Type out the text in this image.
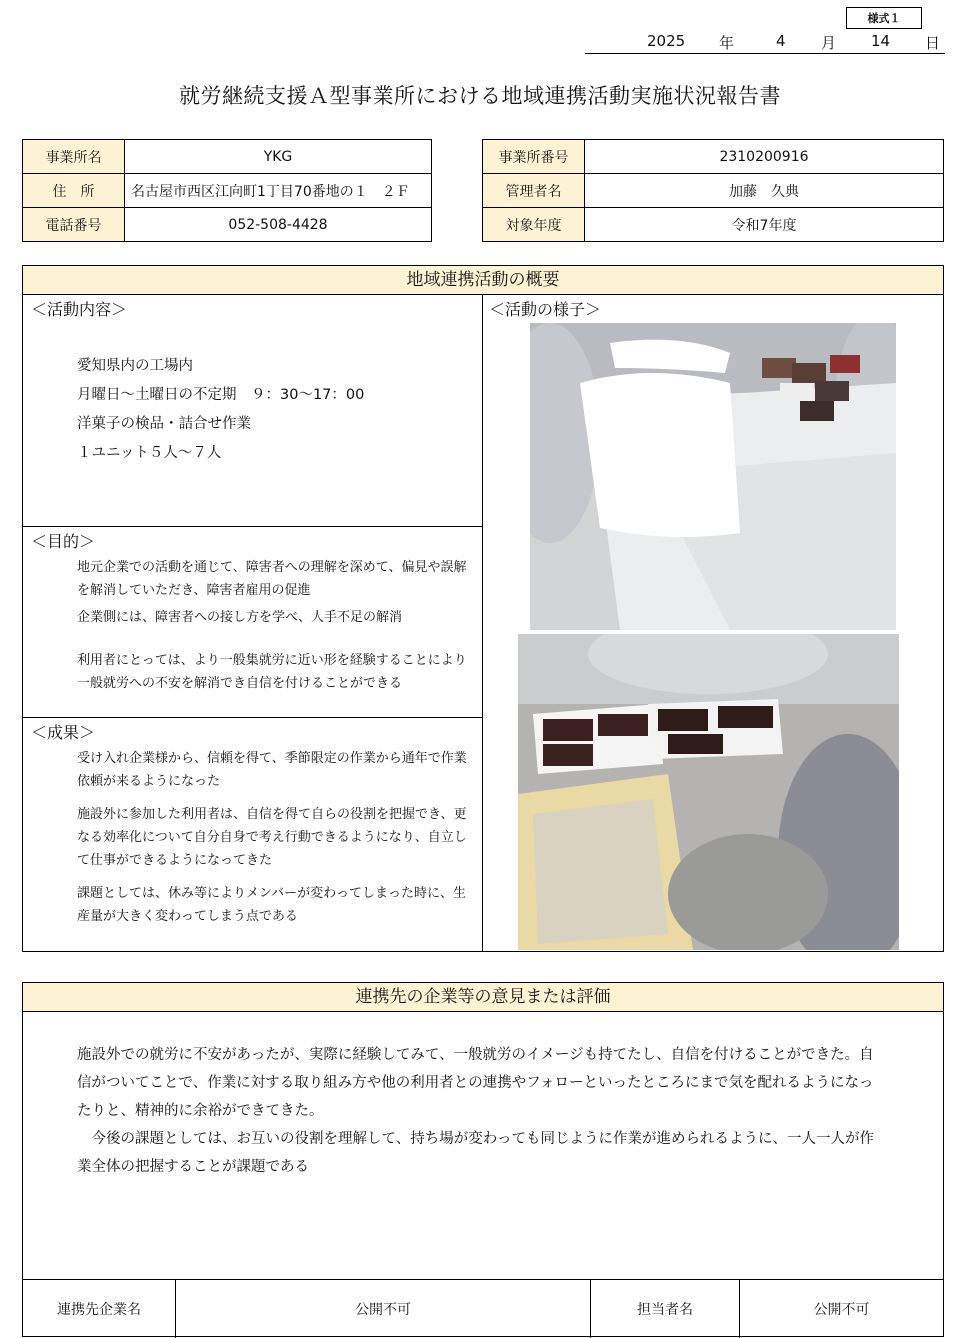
様式１
2025 年	4 月 14 日
就労継続支援Ａ型事業所における地域連携活動実施状況報告書
事業所名	YKG
住　所	名古屋市西区江向町1丁目70番地の１　２Ｆ
電話番号	052-508-4428
事業所番号	2310200916
管理者名	加藤　久典
対象年度	令和7年度
地域連携活動の概要
＜活動内容＞
愛知県内の工場内
月曜日～土曜日の不定期　９：30～17：00
洋菓子の検品・詰合せ作業
１ユニット５人～７人
＜目的＞
地元企業での活動を通じて、障害者への理解を深めて、偏見や誤解を解消していただき、障害者雇用の促進
企業側には、障害者への接し方を学べ、人手不足の解消
利用者にとっては、より一般集就労に近い形を経験することにより一般就労への不安を解消でき自信を付けることができる
＜成果＞
受け入れ企業様から、信頼を得て、季節限定の作業から通年で作業依頼が来るようになった
施設外に参加した利用者は、自信を得て自らの役割を把握でき、更なる効率化について自分自身で考え行動できるようになり、自立して仕事ができるようになってきた
課題としては、休み等によりメンバーが変わってしまった時に、生産量が大きく変わってしまう点である
＜活動の様子＞
連携先の企業等の意見または評価
施設外での就労に不安があったが、実際に経験してみて、一般就労のイメージも持てたし、自信を付けることができた。自信がついてことで、作業に対する取り組み方や他の利用者との連携やフォローといったところにまで気を配れるようになったりと、精神的に余裕ができてきた。
　今後の課題としては、お互いの役割を理解して、持ち場が変わっても同じように作業が進められるように、一人一人が作業全体の把握することが課題である
連携先企業名	公開不可	担当者名	公開不可
